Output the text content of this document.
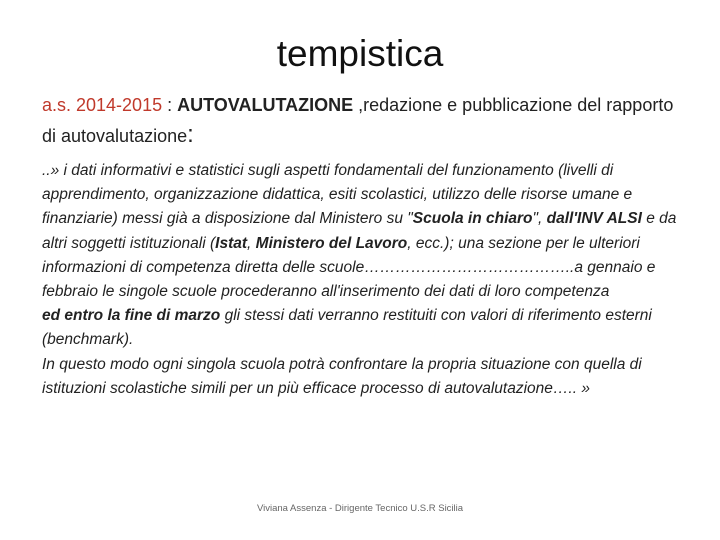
tempistica
a.s. 2014-2015 : AUTOVALUTAZIONE ,redazione e pubblicazione del rapporto di autovalutazione:

..» i dati informativi e statistici sugli aspetti fondamentali del funzionamento (livelli di apprendimento, organizzazione didattica, esiti scolastici, utilizzo delle risorse umane e finanziarie) messi già a disposizione dal Ministero su "Scuola in chiaro", dall'INV ALSI e da altri soggetti istituzionali (Istat, Ministero del Lavoro, ecc.); una sezione per le ulteriori informazioni di competenza diretta delle scuole…………………………………..a gennaio e febbraio le singole scuole procederanno all'inserimento dei dati di loro competenza

ed entro la fine di marzo gli stessi dati verranno restituiti con valori di riferimento esterni (benchmark).

In questo modo ogni singola scuola potrà confrontare la propria situazione con quella di istituzioni scolastiche simili per un più efficace processo di autovalutazione….. »

Viviana Assenza - Dirigente Tecnico U.S.R Sicilia
